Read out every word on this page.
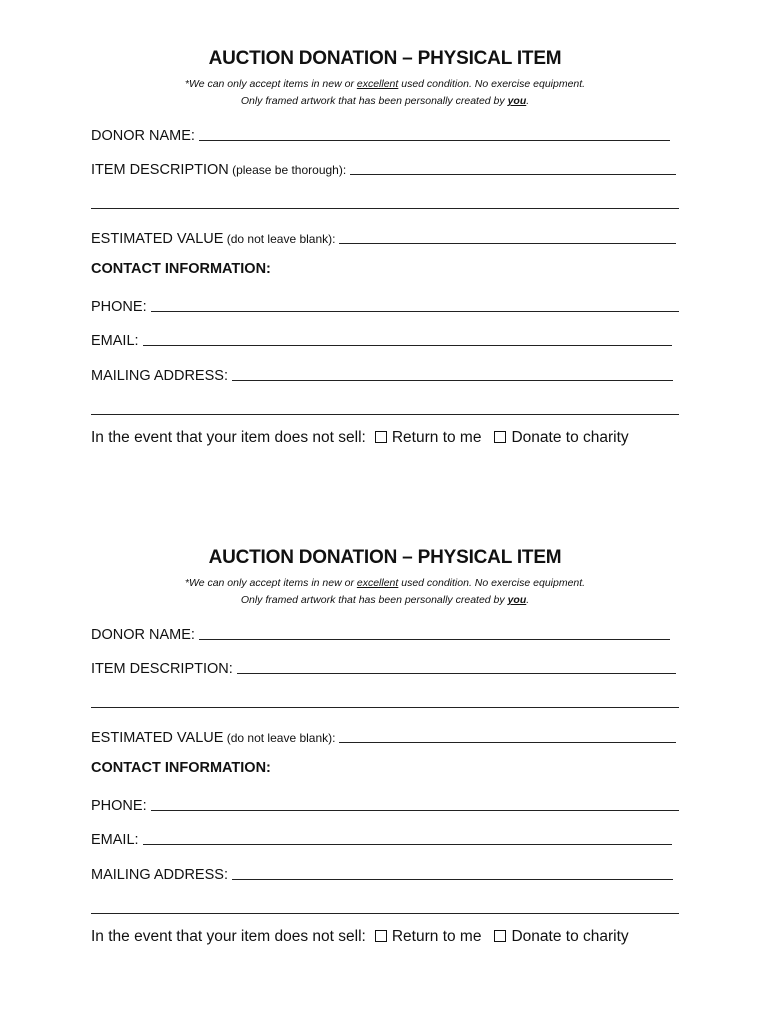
AUCTION DONATION – PHYSICAL ITEM
*We can only accept items in new or excellent used condition. No exercise equipment.
Only framed artwork that has been personally created by you.
DONOR NAME:
ITEM DESCRIPTION (please be thorough):
ESTIMATED VALUE (do not leave blank):
CONTACT INFORMATION:
PHONE:
EMAIL:
MAILING ADDRESS:
In the event that your item does not sell: Return to me Donate to charity
AUCTION DONATION – PHYSICAL ITEM
*We can only accept items in new or excellent used condition. No exercise equipment.
Only framed artwork that has been personally created by you.
DONOR NAME:
ITEM DESCRIPTION:
ESTIMATED VALUE (do not leave blank):
CONTACT INFORMATION:
PHONE:
EMAIL:
MAILING ADDRESS:
In the event that your item does not sell: Return to me Donate to charity
